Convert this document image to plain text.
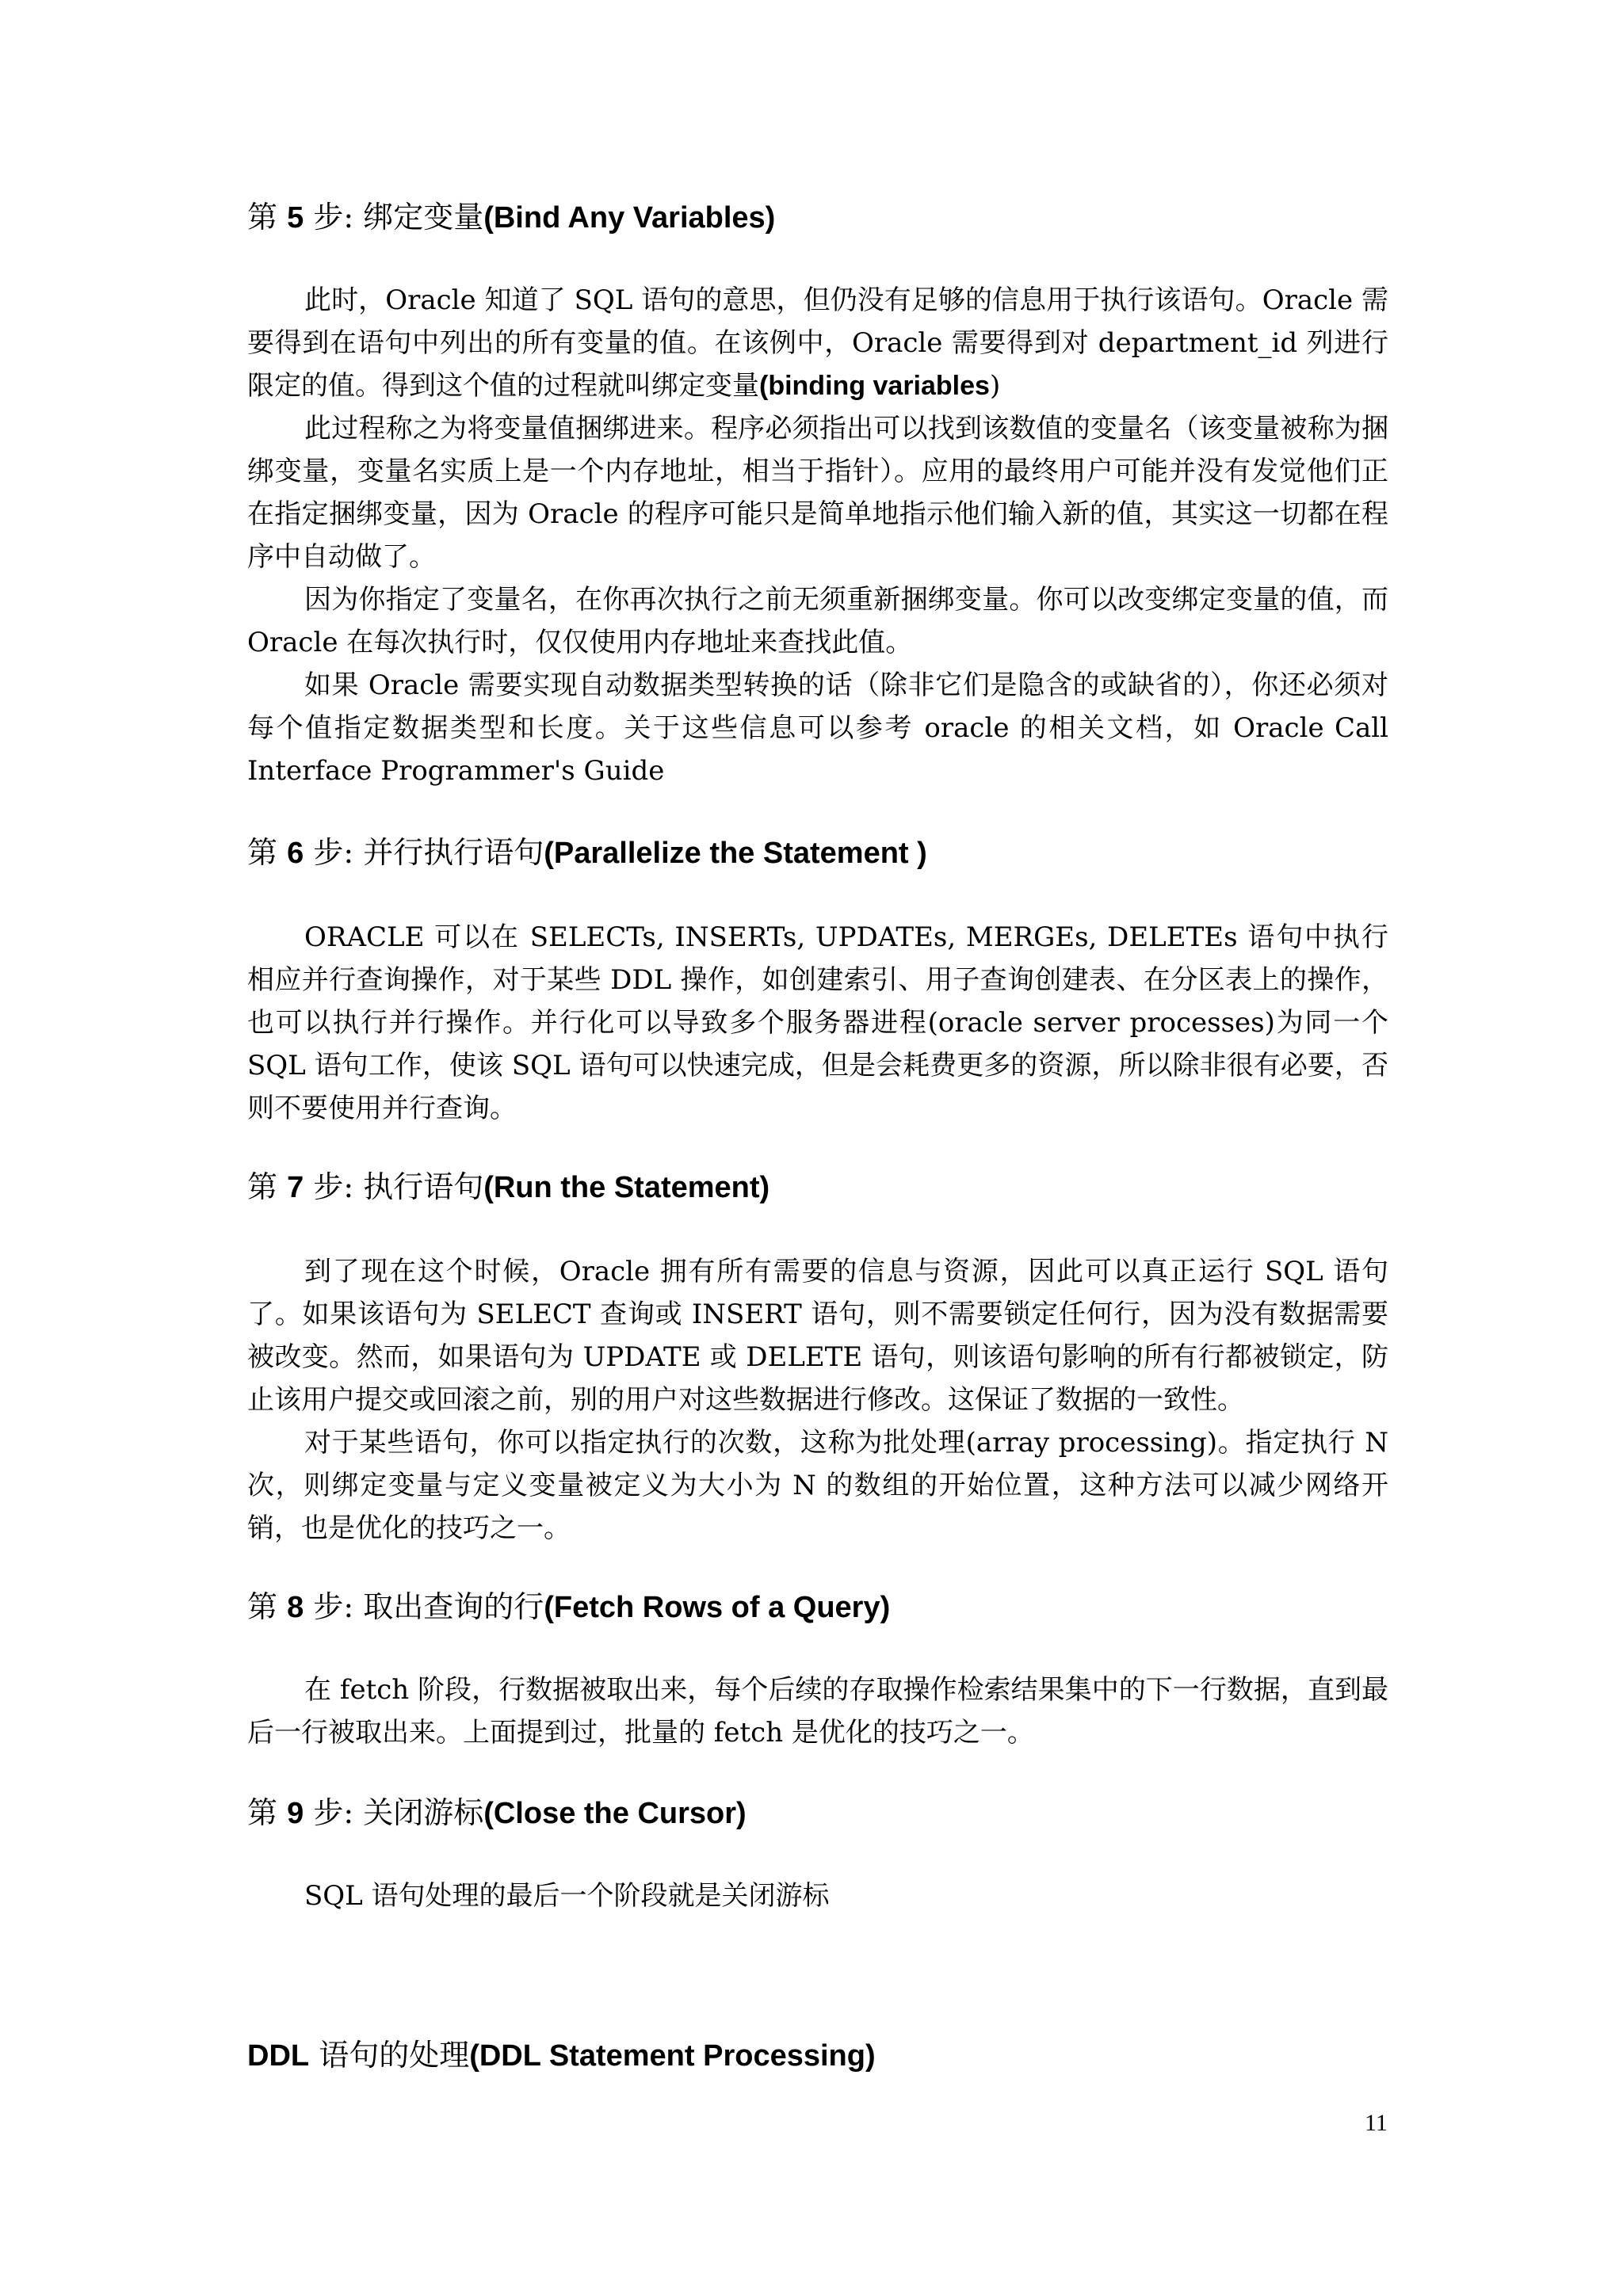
第 5 步: 绑定变量(Bind Any Variables)

此时，Oracle 知道了 SQL 语句的意思，但仍没有足够的信息用于执行该语句。Oracle 需要得到在语句中列出的所有变量的值。在该例中，Oracle 需要得到对 department_id 列进行限定的值。得到这个值的过程就叫绑定变量(binding variables)

此过程称之为将变量值捆绑进来。程序必须指出可以找到该数值的变量名（该变量被称为捆绑变量，变量名实质上是一个内存地址，相当于指针）。应用的最终用户可能并没有发觉他们正在指定捆绑变量，因为 Oracle 的程序可能只是简单地指示他们输入新的值，其实这一切都在程序中自动做了。

因为你指定了变量名，在你再次执行之前无须重新捆绑变量。你可以改变绑定变量的值，而 Oracle 在每次执行时，仅仅使用内存地址来查找此值。

如果 Oracle 需要实现自动数据类型转换的话（除非它们是隐含的或缺省的），你还必须对每个值指定数据类型和长度。关于这些信息可以参考 oracle 的相关文档，如 Oracle Call Interface Programmer's Guide

第 6 步: 并行执行语句(Parallelize the Statement )

ORACLE 可以在 SELECTs, INSERTs, UPDATEs, MERGEs, DELETEs 语句中执行相应并行查询操作，对于某些 DDL 操作，如创建索引、用子查询创建表、在分区表上的操作，也可以执行并行操作。并行化可以导致多个服务器进程(oracle server processes)为同一个 SQL 语句工作，使该 SQL 语句可以快速完成，但是会耗费更多的资源，所以除非很有必要，否则不要使用并行查询。

第 7 步: 执行语句(Run the Statement)

到了现在这个时候，Oracle 拥有所有需要的信息与资源，因此可以真正运行 SQL 语句了。如果该语句为 SELECT 查询或 INSERT 语句，则不需要锁定任何行，因为没有数据需要被改变。然而，如果语句为 UPDATE 或 DELETE 语句，则该语句影响的所有行都被锁定，防止该用户提交或回滚之前，别的用户对这些数据进行修改。这保证了数据的一致性。

对于某些语句，你可以指定执行的次数，这称为批处理(array processing)。指定执行 N 次，则绑定变量与定义变量被定义为大小为 N 的数组的开始位置，这种方法可以减少网络开销，也是优化的技巧之一。

第 8 步: 取出查询的行(Fetch Rows of a Query)

在 fetch 阶段，行数据被取出来，每个后续的存取操作检索结果集中的下一行数据，直到最后一行被取出来。上面提到过，批量的 fetch 是优化的技巧之一。

第 9 步: 关闭游标(Close the Cursor)

SQL 语句处理的最后一个阶段就是关闭游标

DDL 语句的处理(DDL Statement Processing)
11
